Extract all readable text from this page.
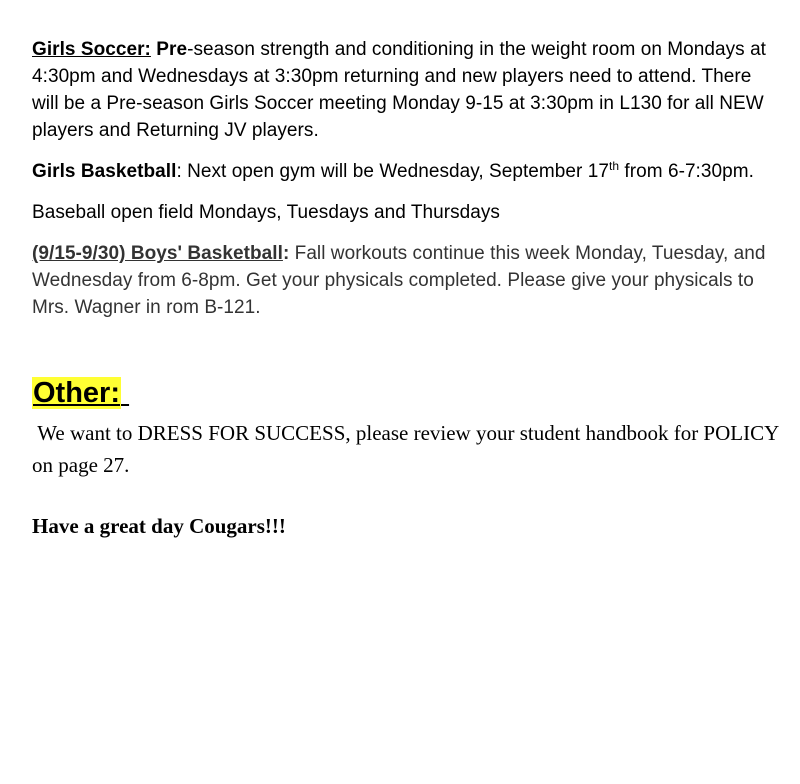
Girls Soccer: Pre-season strength and conditioning in the weight room on Mondays at 4:30pm and Wednesdays at 3:30pm returning and new players need to attend. There will be a Pre-season Girls Soccer meeting Monday 9-15 at 3:30pm in L130 for all NEW players and Returning JV players.

Girls Basketball: Next open gym will be Wednesday, September 17th from 6-7:30pm.

Baseball open field Mondays, Tuesdays and Thursdays

(9/15-9/30) Boys' Basketball: Fall workouts continue this week Monday, Tuesday, and Wednesday from 6-8pm. Get your physicals completed. Please give your physicals to Mrs. Wagner in rom B-121.

Other:

We want to DRESS FOR SUCCESS, please review your student handbook for POLICY on page 27.

Have a great day Cougars!!!
